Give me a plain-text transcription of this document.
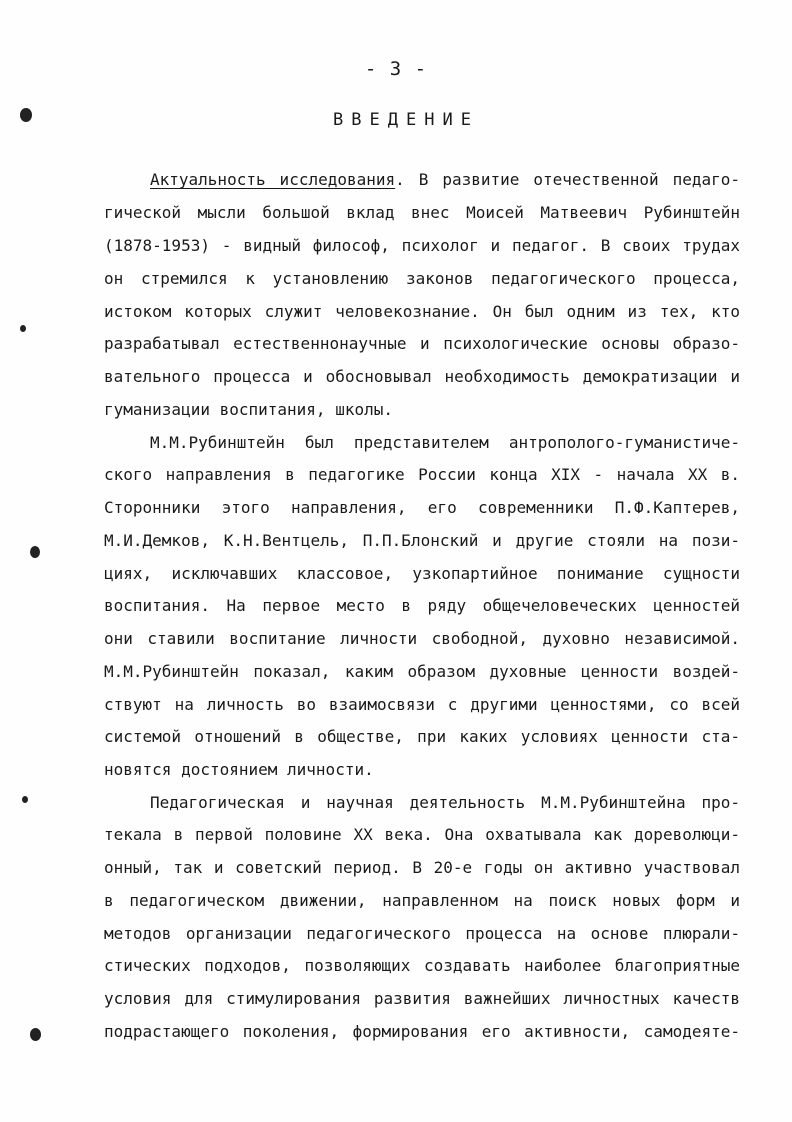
- 3 -
ВВЕДЕНИЕ
Актуальность исследования. В развитие отечественной педаго-
гической мысли большой вклад внес Моисей Матвеевич Рубинштейн
(1878-1953) - видный философ, психолог и педагог. В своих трудах
он стремился к установлению законов педагогического процесса,
истоком которых служит человекознание. Он был одним из тех, кто
разрабатывал естественнонаучные и психологические основы образо-
вательного процесса и обосновывал необходимость демократизации и
гуманизации воспитания, школы.
М.М.Рубинштейн был представителем антрополого-гуманистиче-
ского направления в педагогике России конца XIX - начала XX в.
Сторонники этого направления, его современники П.Ф.Каптерев,
М.И.Демков, К.Н.Вентцель, П.П.Блонский и другие стояли на пози-
циях, исключавших классовое, узкопартийное понимание сущности
воспитания. На первое место в ряду общечеловеческих ценностей
они ставили воспитание личности свободной, духовно независимой.
М.М.Рубинштейн показал, каким образом духовные ценности воздей-
ствуют на личность во взаимосвязи с другими ценностями, со всей
системой отношений в обществе, при каких условиях ценности ста-
новятся достоянием личности.
Педагогическая и научная деятельность М.М.Рубинштейна про-
текала в первой половине XX века. Она охватывала как дореволюци-
онный, так и советский период. В 20-е годы он активно участвовал
в педагогическом движении, направленном на поиск новых форм и
методов организации педагогического процесса на основе плюрали-
стических подходов, позволяющих создавать наиболее благоприятные
условия для стимулирования развития важнейших личностных качеств
подрастающего поколения, формирования его активности, самодеяте-
